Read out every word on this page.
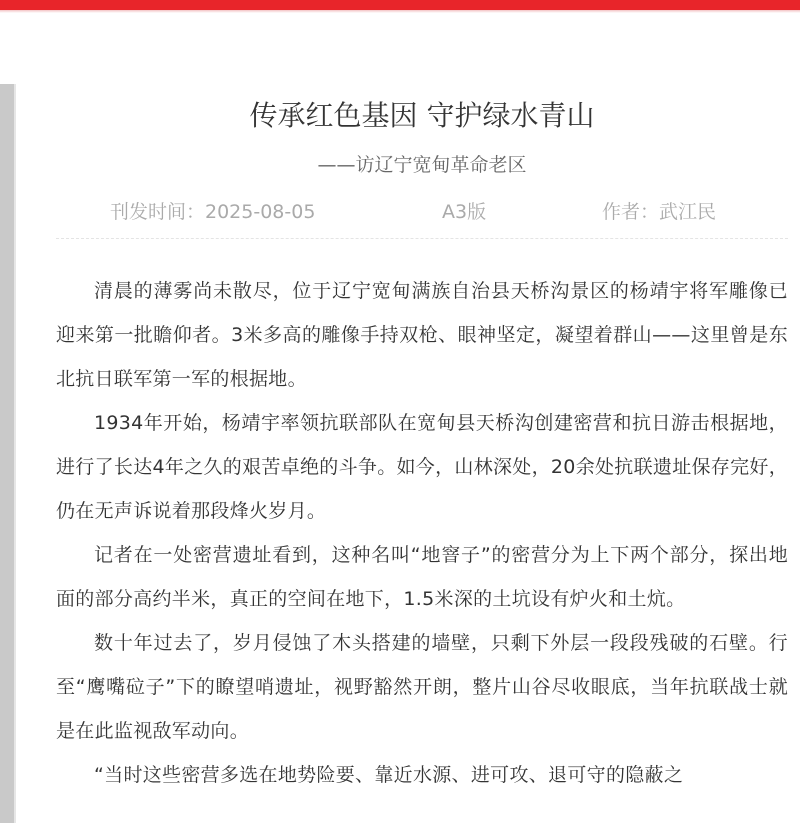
传承红色基因 守护绿水青山

——访辽宁宽甸革命老区

刊发时间：2025-08-05	A3版	作者：武江民

清晨的薄雾尚未散尽，位于辽宁宽甸满族自治县天桥沟景区的杨靖宇将军雕像已迎来第一批瞻仰者。3米多高的雕像手持双枪、眼神坚定，凝望着群山——这里曾是东北抗日联军第一军的根据地。

1934年开始，杨靖宇率领抗联部队在宽甸县天桥沟创建密营和抗日游击根据地，进行了长达4年之久的艰苦卓绝的斗争。如今，山林深处，20余处抗联遗址保存完好，仍在无声诉说着那段烽火岁月。

记者在一处密营遗址看到，这种名叫“地窨子”的密营分为上下两个部分，探出地面的部分高约半米，真正的空间在地下，1.5米深的土坑设有炉火和土炕。

数十年过去了，岁月侵蚀了木头搭建的墙壁，只剩下外层一段段残破的石壁。行至“鹰嘴砬子”下的瞭望哨遗址，视野豁然开朗，整片山谷尽收眼底，当年抗联战士就是在此监视敌军动向。

“当时这些密营多选在地势险要、靠近水源、进可攻、退可守的隐蔽之
